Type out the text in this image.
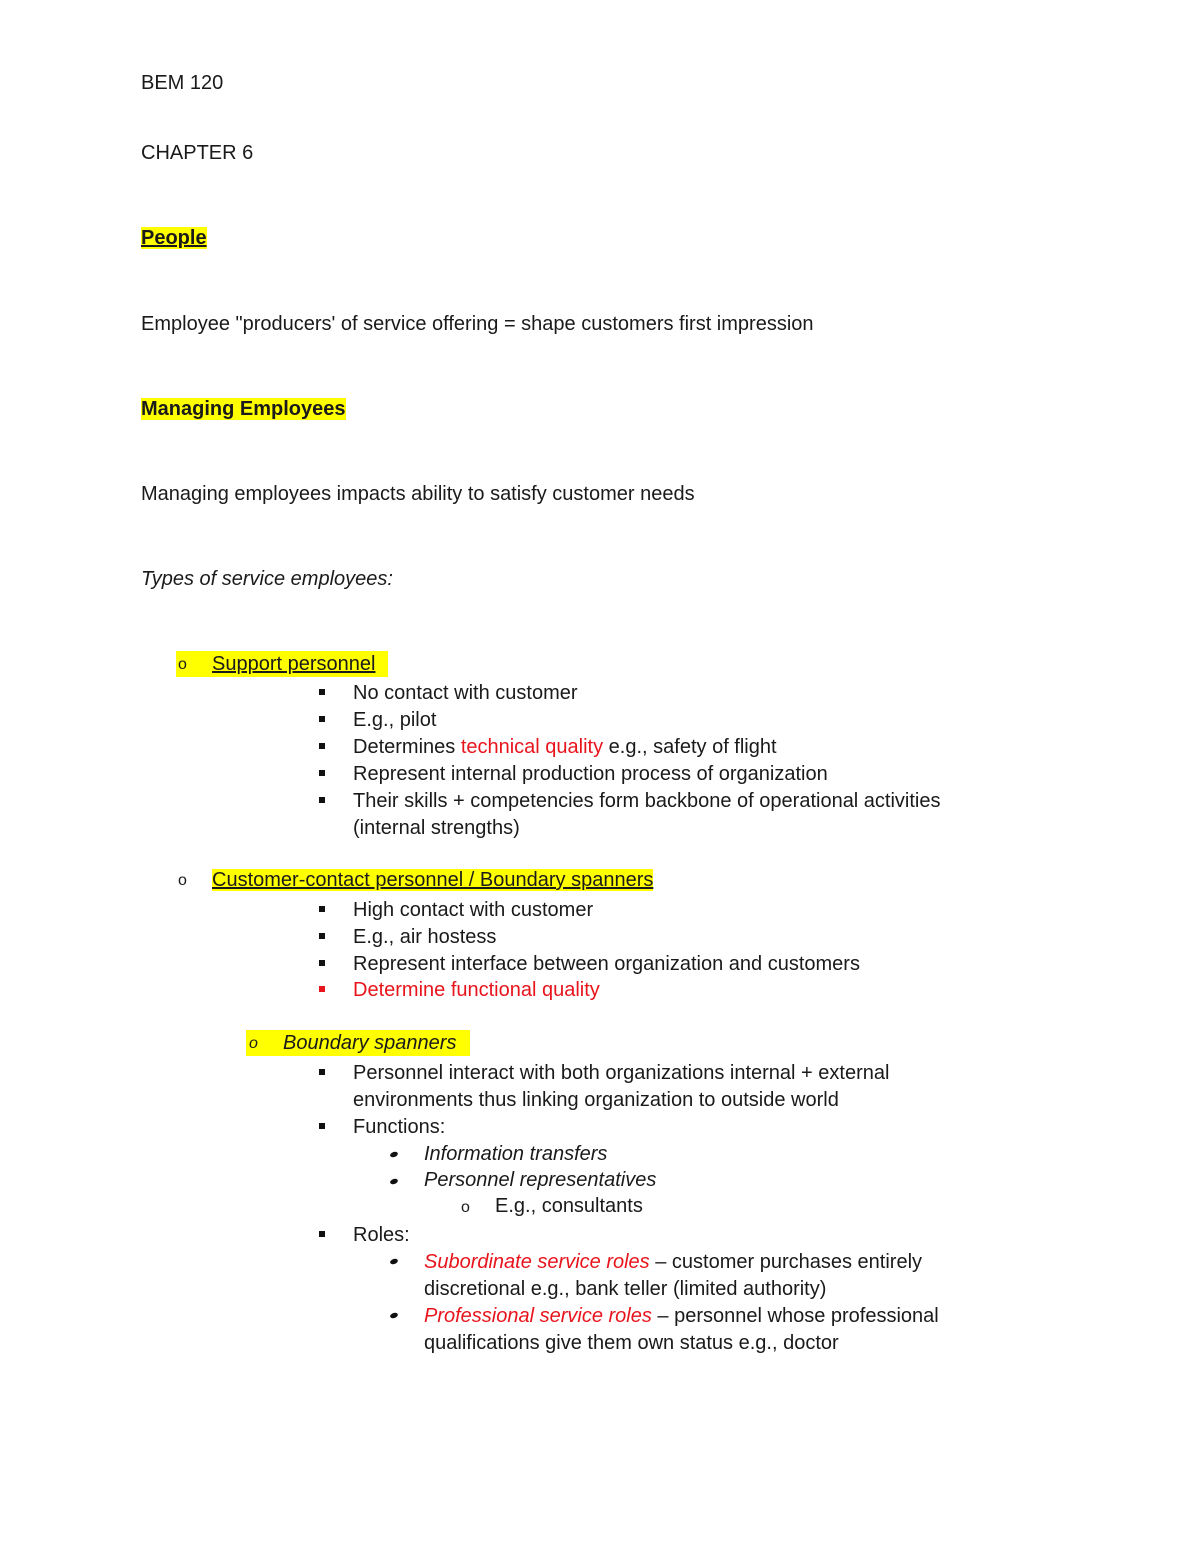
BEM 120
CHAPTER 6
People
Employee "producers' of service offering = shape customers first impression
Managing Employees
Managing employees impacts ability to satisfy customer needs
Types of service employees:
o Support personnel
No contact with customer
E.g., pilot
Determines technical quality e.g., safety of flight
Represent internal production process of organization
Their skills + competencies form backbone of operational activities
(internal strengths)
o Customer-contact personnel / Boundary spanners
High contact with customer
E.g., air hostess
Represent interface between organization and customers
Determine functional quality
o Boundary spanners
Personnel interact with both organizations internal + external
environments thus linking organization to outside world
Functions:
Information transfers
Personnel representatives
o E.g., consultants
Roles:
Subordinate service roles – customer purchases entirely
discretional e.g., bank teller (limited authority)
Professional service roles – personnel whose professional
qualifications give them own status e.g., doctor
